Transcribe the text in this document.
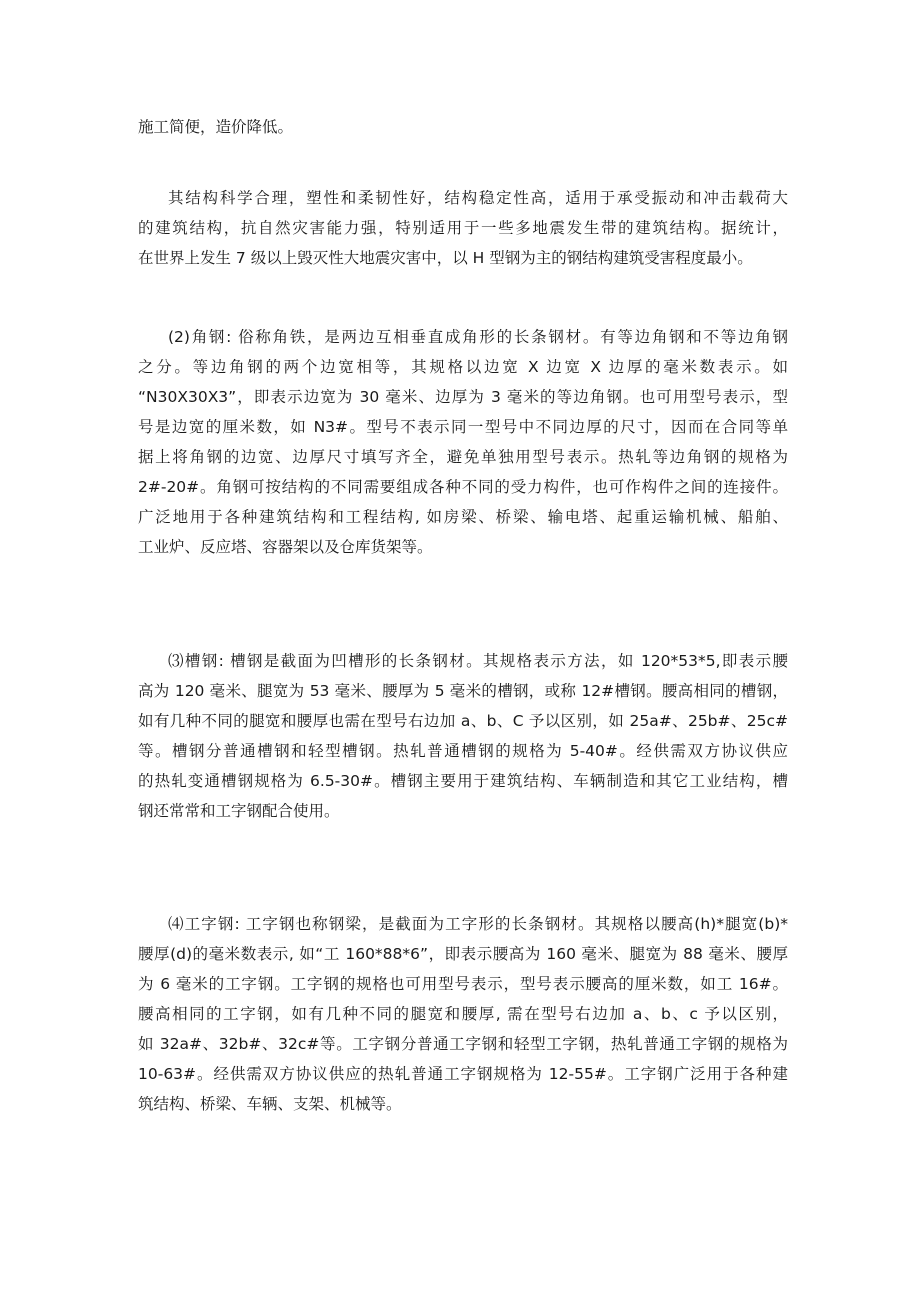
施工简便，造价降低。

其结构科学合理，塑性和柔韧性好，结构稳定性高，适用于承受振动和冲击载荷大
的建筑结构，抗自然灾害能力强，特别适用于一些多地震发生带的建筑结构。据统计，
在世界上发生 7 级以上毁灭性大地震灾害中，以 H 型钢为主的钢结构建筑受害程度最小。

(2)角钢: 俗称角铁，是两边互相垂直成角形的长条钢材。有等边角钢和不等边角钢
之分。等边角钢的两个边宽相等，其规格以边宽 X 边宽 X 边厚的毫米数表示。如
“N30X30X3”，即表示边宽为 30 毫米、边厚为 3 毫米的等边角钢。也可用型号表示，型
号是边宽的厘米数，如 N3#。型号不表示同一型号中不同边厚的尺寸，因而在合同等单
据上将角钢的边宽、边厚尺寸填写齐全，避免单独用型号表示。热轧等边角钢的规格为
2#-20#。角钢可按结构的不同需要组成各种不同的受力构件，也可作构件之间的连接件。
广泛地用于各种建筑结构和工程结构, 如房梁、桥梁、输电塔、起重运输机械、船舶、
工业炉、反应塔、容器架以及仓库货架等。

⑶槽钢: 槽钢是截面为凹槽形的长条钢材。其规格表示方法，如 120*53*5,即表示腰
高为 120 毫米、腿宽为 53 毫米、腰厚为 5 毫米的槽钢，或称 12#槽钢。腰高相同的槽钢，
如有几种不同的腿宽和腰厚也需在型号右边加 a、b、C 予以区别，如 25a#、25b#、25c#
等。槽钢分普通槽钢和轻型槽钢。热轧普通槽钢的规格为 5-40#。经供需双方协议供应
的热轧变通槽钢规格为 6.5-30#。槽钢主要用于建筑结构、车辆制造和其它工业结构，槽
钢还常常和工字钢配合使用。

⑷工字钢: 工字钢也称钢梁，是截面为工字形的长条钢材。其规格以腰高(h)*腿宽(b)*
腰厚(d)的毫米数表示, 如“工 160*88*6”，即表示腰高为 160 毫米、腿宽为 88 毫米、腰厚
为 6 毫米的工字钢。工字钢的规格也可用型号表示，型号表示腰高的厘米数，如工 16#。
腰高相同的工字钢，如有几种不同的腿宽和腰厚, 需在型号右边加 a、b、c 予以区别，
如 32a#、32b#、32c#等。工字钢分普通工字钢和轻型工字钢，热轧普通工字钢的规格为
10-63#。经供需双方协议供应的热轧普通工字钢规格为 12-55#。工字钢广泛用于各种建
筑结构、桥梁、车辆、支架、机械等。
